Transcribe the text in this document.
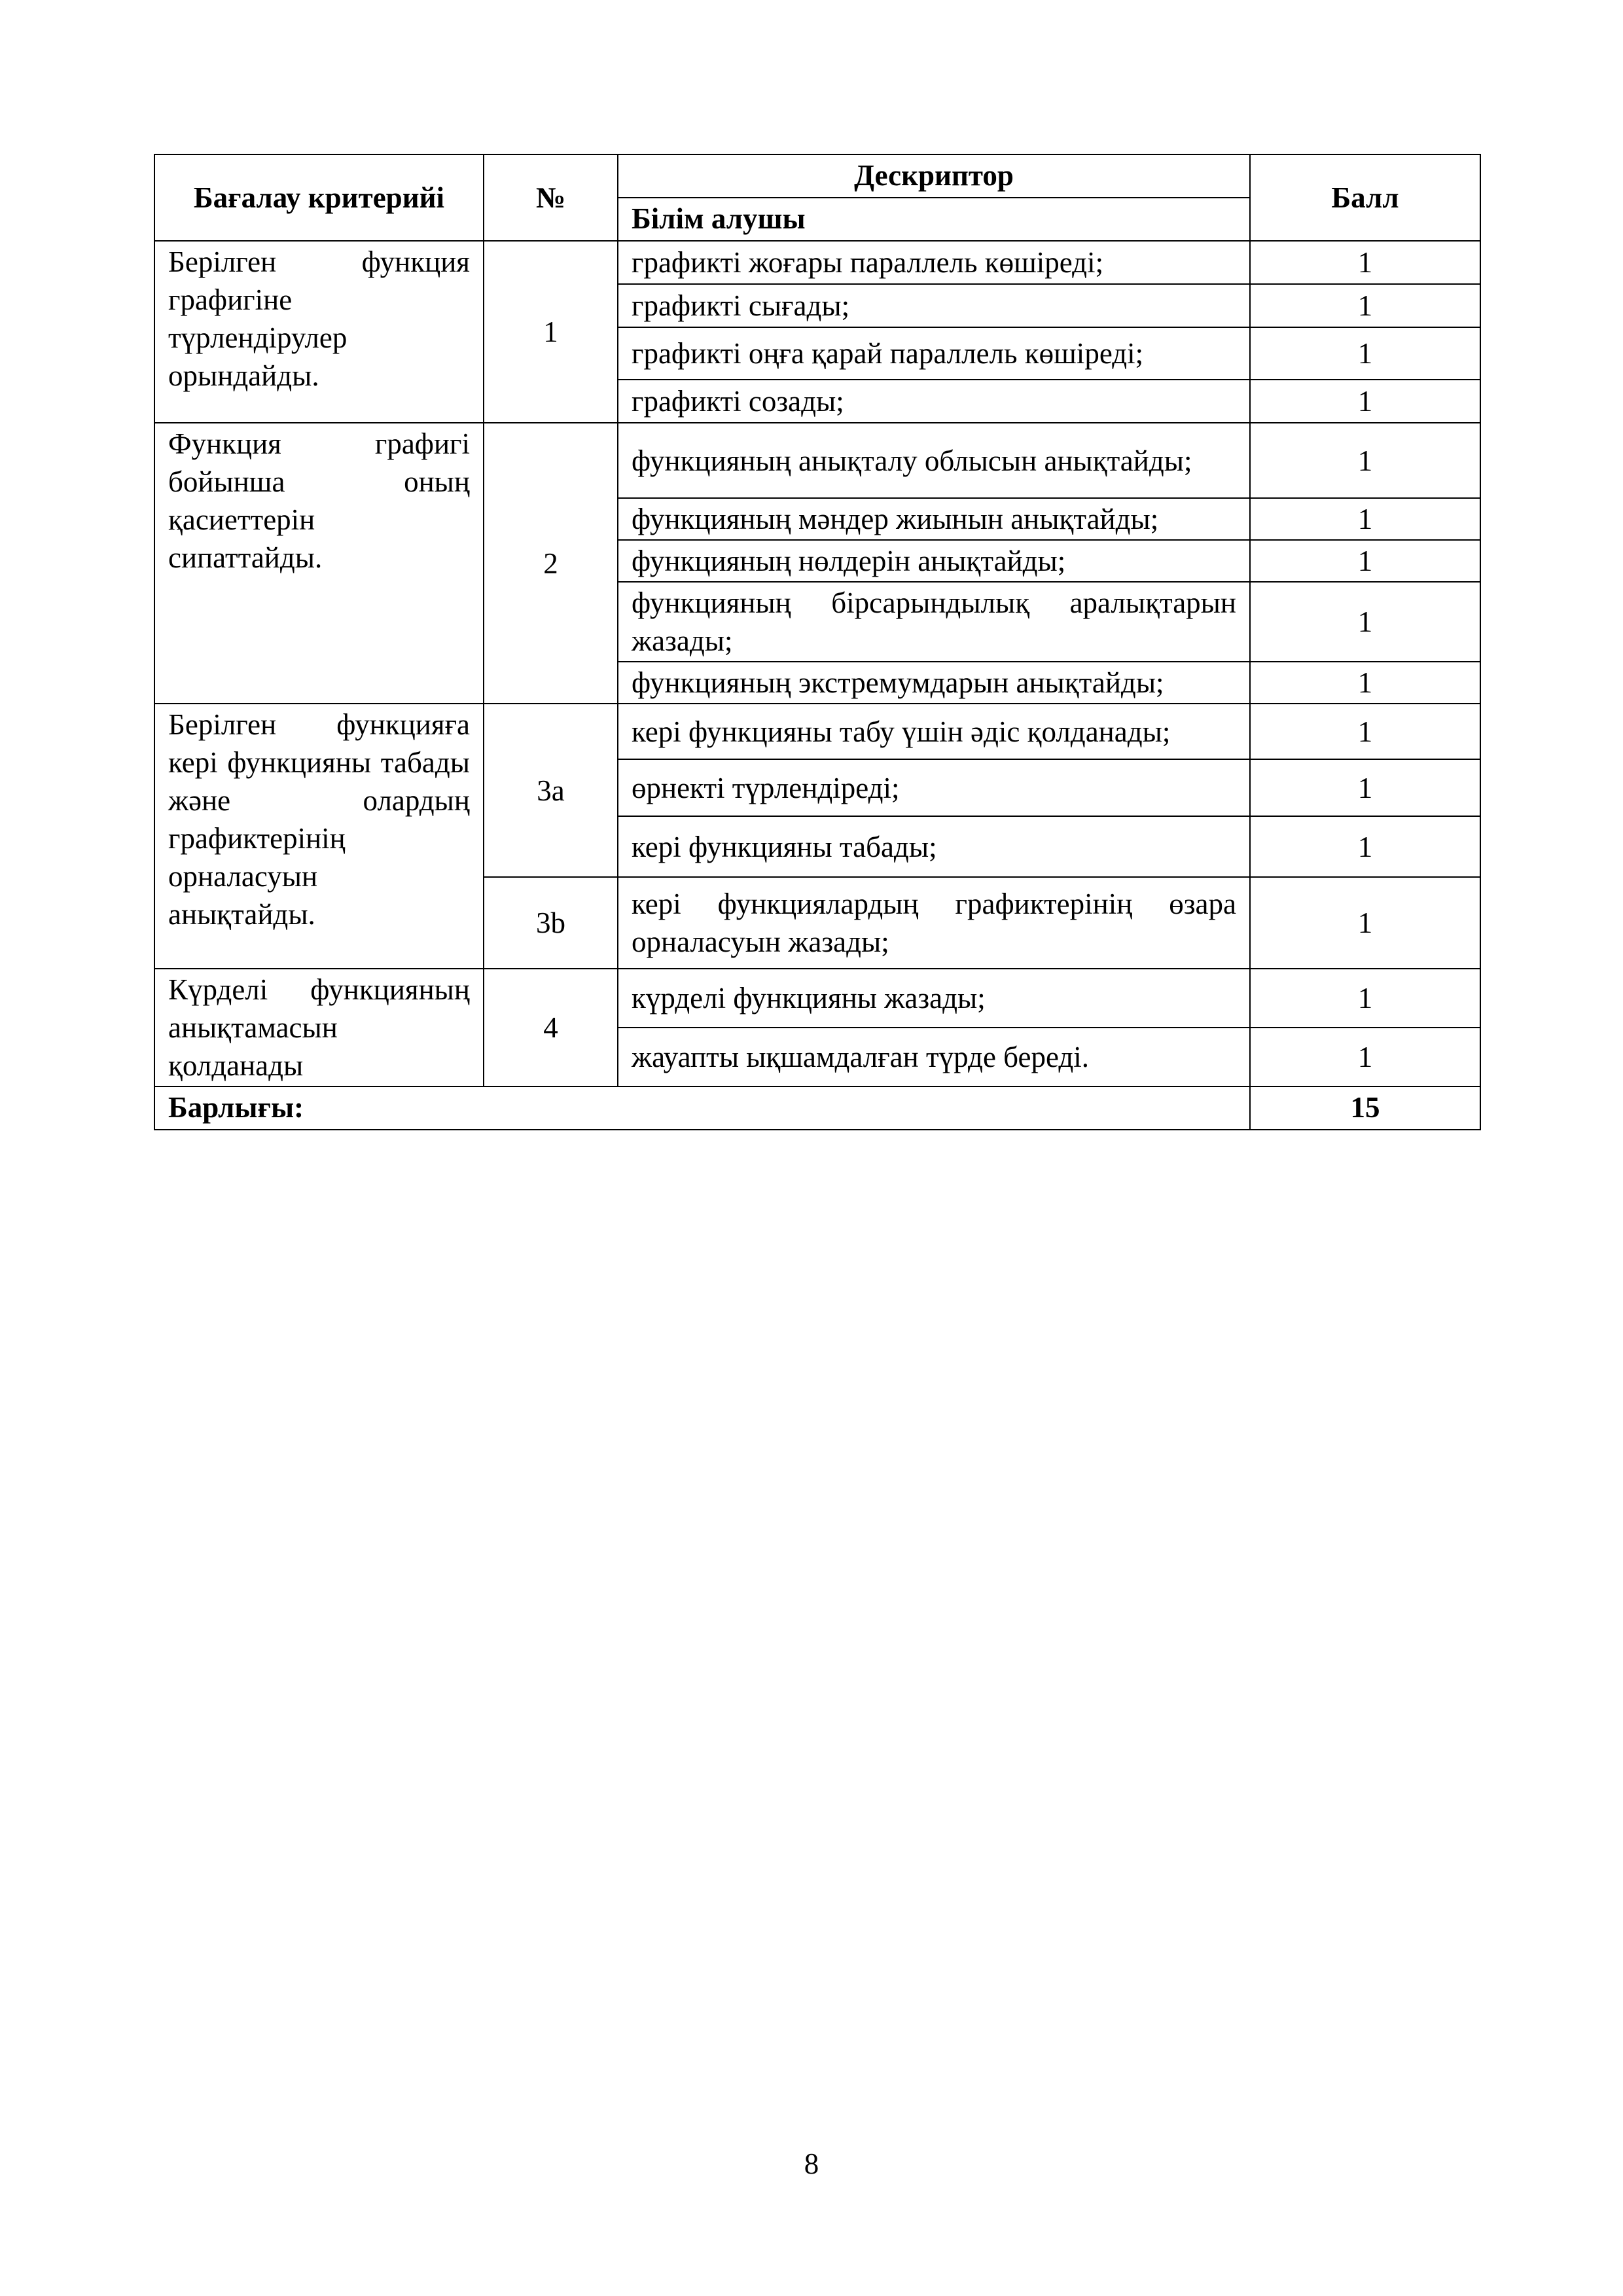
Бағалау критерийі	№	Дескриптор	Балл
		Білім алушы	
Берілген функция графигіне түрлендірулер орындайды.	1	графикті жоғары параллель көшіреді;	1
		графикті сығады;	1
		графикті оңға қарай параллель көшіреді;	1
		графикті созады;	1
Функция графигі бойынша оның қасиеттерін сипаттайды.	2	функцияның анықталу облысын анықтайды;	1
		функцияның мәндер жиынын анықтайды;	1
		функцияның нөлдерін анықтайды;	1
		функцияның бірсарындылық аралықтарын жазады;	1
		функцияның экстремумдарын анықтайды;	1
Берілген функцияға кері функцияны табады және олардың графиктерінің орналасуын анықтайды.	3a	кері функцияны табу үшін әдіс қолданады;	1
		өрнекті түрлендіреді;	1
		кері функцияны табады;	1
	3b	кері функциялардың графиктерінің өзара орналасуын жазады;	1
Күрделі функцияның анықтамасын қолданады	4	күрделі функцияны жазады;	1
		жауапты ықшамдалған түрде береді.	1
Барлығы:			15
8
